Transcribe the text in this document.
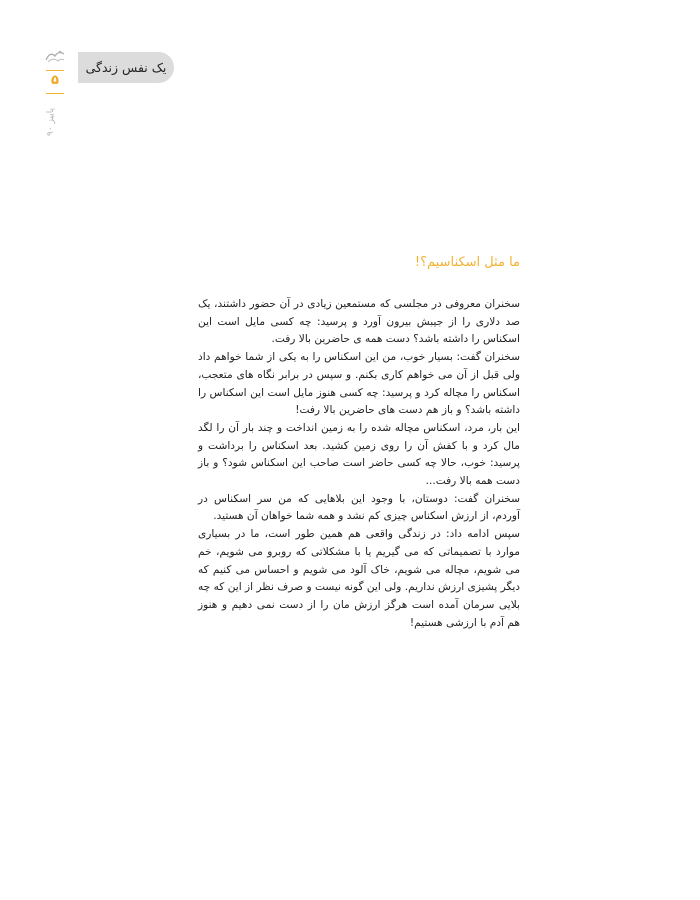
یک نفس زندگی
۵
پاییز ۹۰
ما مثل اسکناسیم؟!

سخنران معروفی در مجلسی که مستمعین زیادی در آن حضور داشتند، یک صد دلاری را از جیبش بیرون آورد و پرسید: چه کسی مایل است این اسکناس را داشته باشد؟ دست همه ی حاضرین بالا رفت.

سخنران گفت: بسیار خوب، من این اسکناس را به یکی از شما خواهم داد ولی قبل از آن می خواهم کاری بکنم. و سپس در برابر نگاه های متعجب، اسکناس را مچاله کرد و پرسید: چه کسی هنوز مایل است این اسکناس را داشته باشد؟ و باز هم دست های حاضرین بالا رفت!

این بار، مرد، اسکناس مچاله شده را به زمین انداخت و چند بار آن را لگد مال کرد و با کفش آن را روی زمین کشید. بعد اسکناس را برداشت و پرسید: خوب، حالا چه کسی حاضر است صاحب این اسکناس شود؟ و باز دست همه بالا رفت...

سخنران گفت: دوستان، با وجود این بلاهایی که من سر اسکناس در آوردم، از ارزش اسکناس چیزی کم نشد و همه شما خواهان آن هستید.

سپس ادامه داد: در زندگی واقعی هم همین طور است، ما در بسیاری موارد با تصمیماتی که می گیریم یا با مشکلاتی که روبرو می شویم، خم می شویم، مچاله می شویم، خاک آلود می شویم و احساس می کنیم که دیگر پشیزی ارزش نداریم. ولی این گونه نیست و صرف نظر از این که چه بلایی سرمان آمده است هرگز ارزش مان را از دست نمی دهیم و هنوز هم آدم با ارزشی هستیم!
